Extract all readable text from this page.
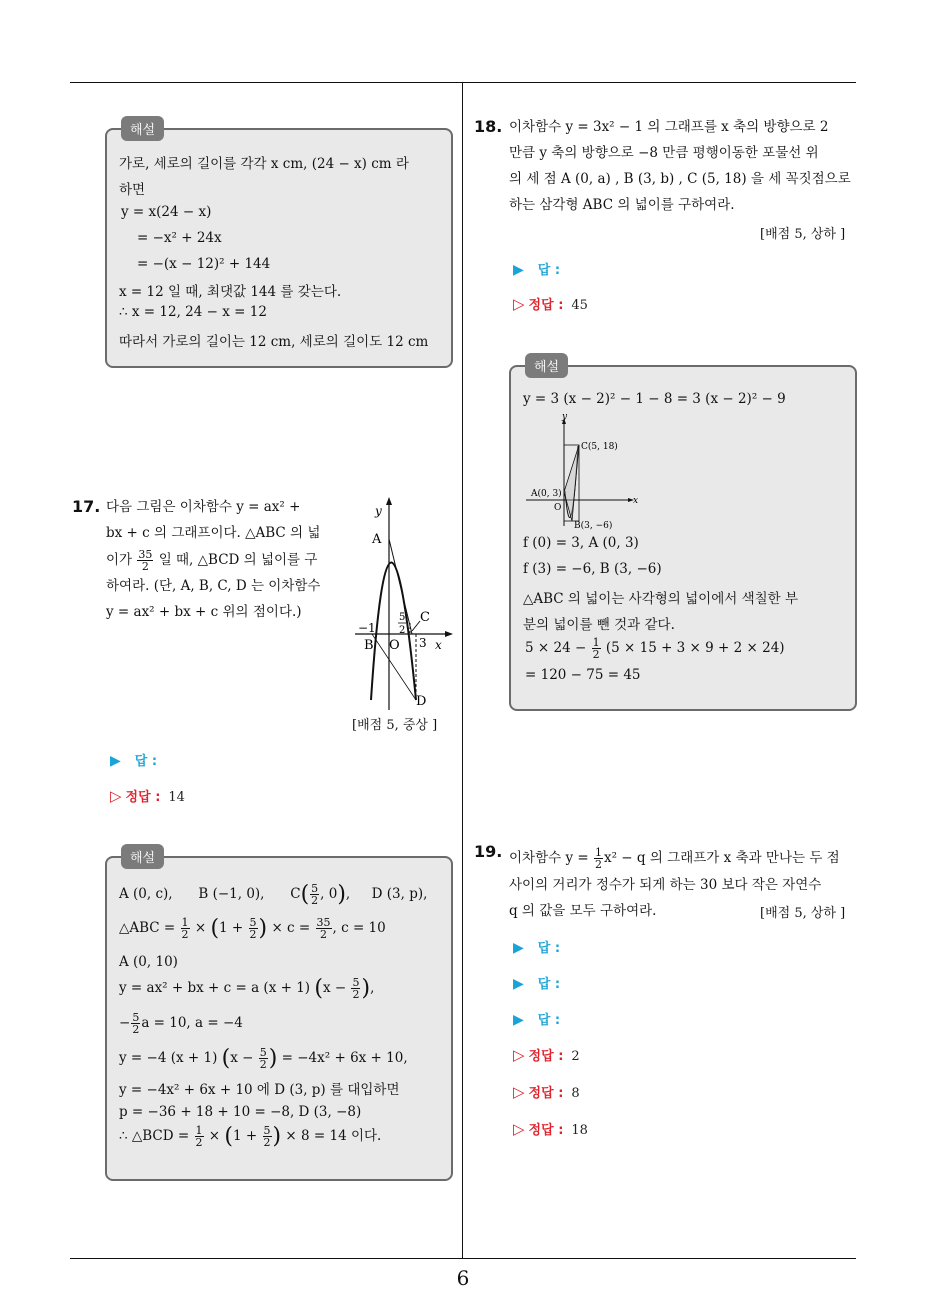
해설
가로, 세로의 길이를 각각 x cm, (24 − x) cm 라
하면
y = x(24 − x)
= −x² + 24x
= −(x − 12)² + 144
x = 12 일 때, 최댓값 144 를 갖는다.
∴ x = 12, 24 − x = 12
따라서 가로의 길이는 12 cm, 세로의 길이도 12 cm
17. 다음 그림은 이차함수 y = ax² +
bx + c 의 그래프이다. △ABC 의 넓
이가 $\frac{35}{2}$ 일 때, △BCD 의 넓이를 구
하여라. (단, A, B, C, D 는 이차함수
y = ax² + bx + c 위의 점이다.)
y
x
A
B O
C
D
−1
3
5
2
[배점 5, 중상 ]
▶ 답 :
▷ 정답 : 14
해설
A (0, c), B (−1, 0), $C( \frac{5}{2}$ , 0),     D (3, p),
△ABC = $\frac{1}{2} \times (1 + \frac{5}{2}$ ) × $c = \frac{35}{2}$ , c = 10
A (0, 10)
y = ax² + bx + c = a (x + 1) ($x - \frac{5}{2}$ ),
− $\frac{5}{2}$ a = 10, a = −4
y = −4 (x + 1) ($x - \frac{5}{2}$ ) = −4x² + 6x + 10,
y = −4x² + 6x + 10 에 D (3, p) 를 대입하면
p = −36 + 18 + 10 = −8, D (3, −8)
∴ △BCD = $\frac{1}{2} \times (1 + \frac{5}{2}$ ) × 8 = 14 이다.
18. 이차함수 y = 3x² − 1 의 그래프를 x 축의 방향으로 2
만큼 y 축의 방향으로 −8 만큼 평행이동한 포물선 위
의 세 점 A (0, a) , B (3, b) , C (5, 18) 을 세 꼭짓점으로
하는 삼각형 ABC 의 넓이를 구하여라.
[배점 5, 상하 ]
▶ 답 :
▷ 정답 : 45
해설
y = 3 (x − 2)² − 1 − 8 = 3 (x − 2)² − 9
y
x
O
A(0, 3)
B(3, −6)
C(5, 18)
f (0) = 3, A (0, 3)
f (3) = −6, B (3, −6)
△ABC 의 넓이는 사각형의 넓이에서 색칠한 부
분의 넓이를 뺀 것과 같다.
$5 \times 24 - \frac{1}{2} (5 \times 15 + 3 \times 9 + 2 \times 24)$
= 120 − 75 = 45
19. 이차함수 $y = \frac{1}{2} x^2 - q$ 의 그래프가 x 축과 만나는 두 점
사이의 거리가 정수가 되게 하는 30 보다 작은 자연수
q 의 값을 모두 구하여라.	[배점 5, 상하 ]
▶ 답 :
▶ 답 :
▶ 답 :
▷ 정답 : 2
▷ 정답 : 8
▷ 정답 : 18
6
